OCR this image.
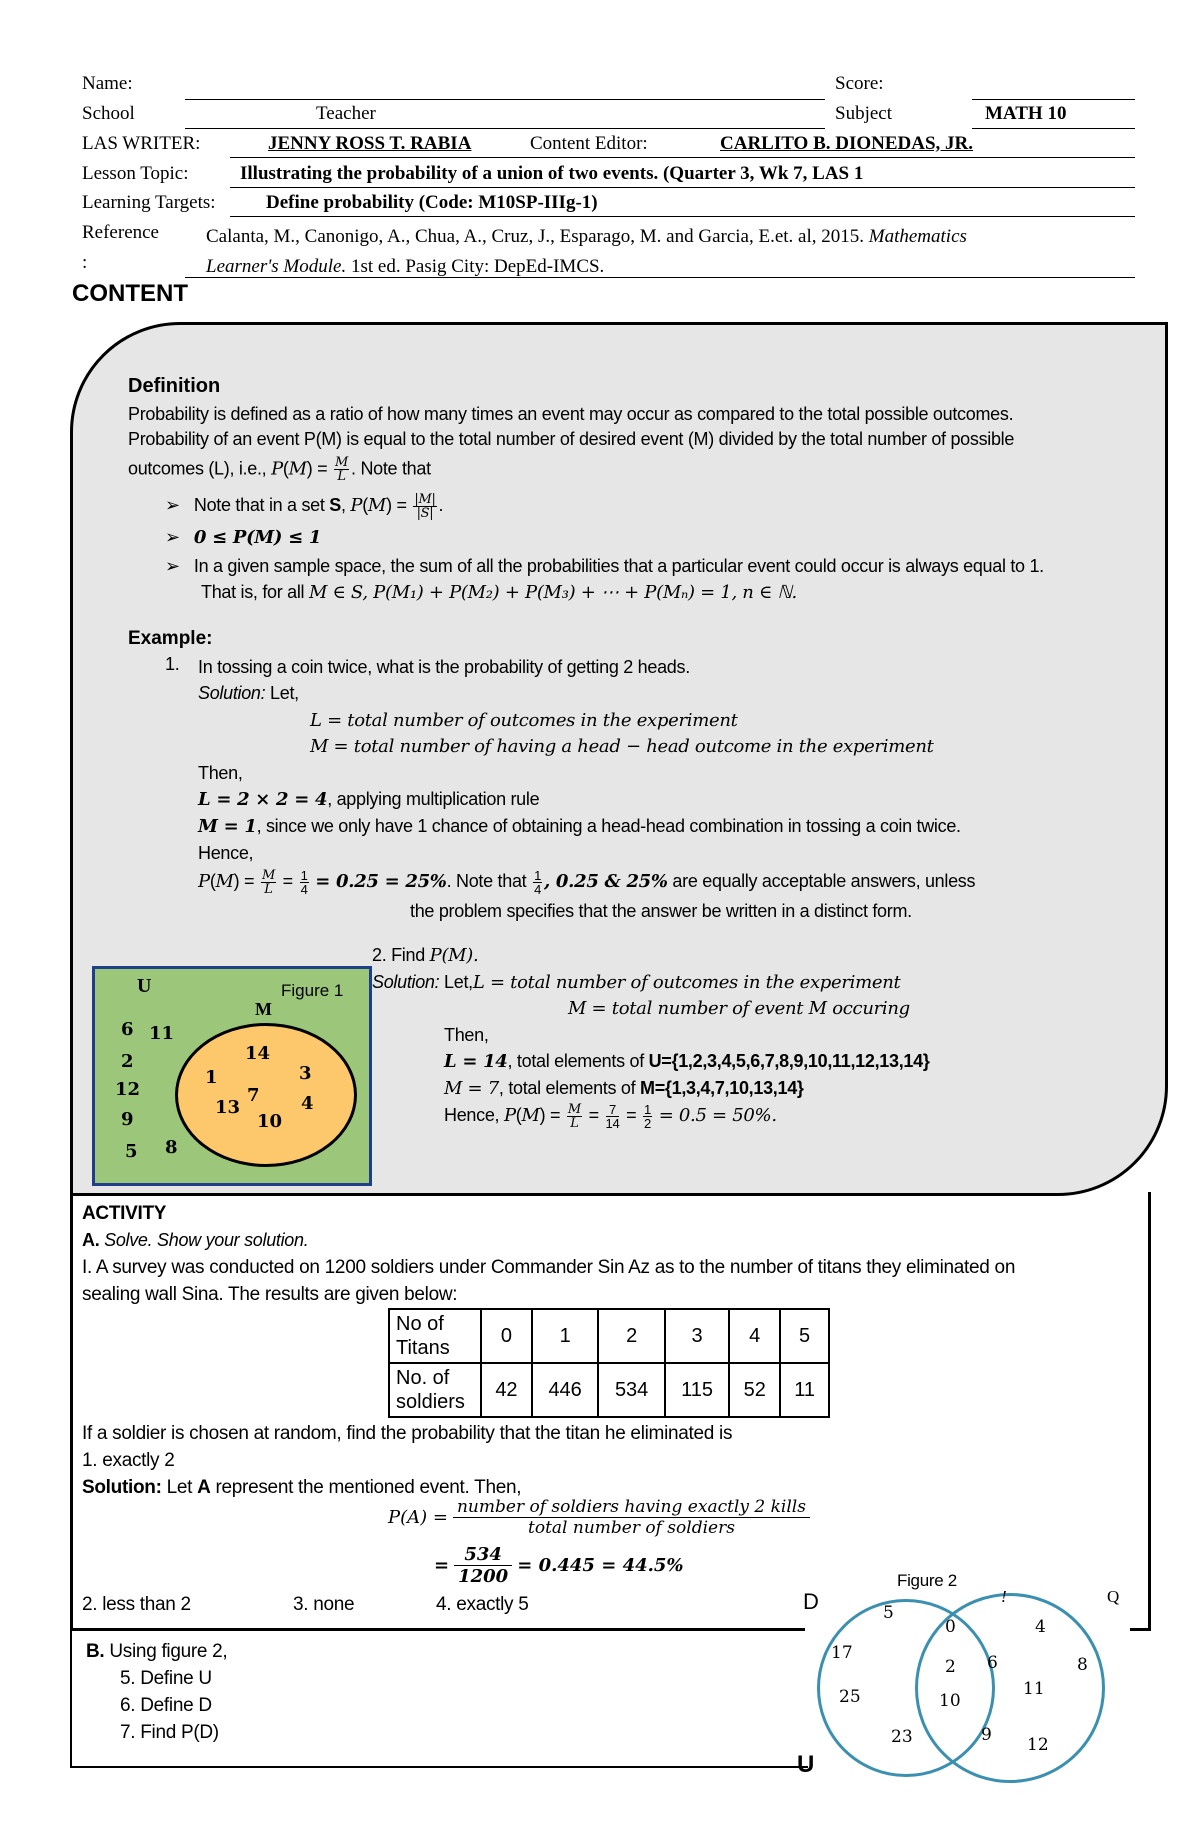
Name:	Score:
School	Teacher	Subject	MATH 10
LAS WRITER:	JENNY ROSS T. RABIA	Content Editor:	CARLITO B. DIONEDAS, JR.
Lesson Topic:	Illustrating the probability of a union of two events. (Quarter 3, Wk 7, LAS 1
Learning Targets:	Define probability (Code: M10SP-IIIg-1)
Reference
:
Calanta, M., Canonigo, A., Chua, A., Cruz, J., Esparago, M. and Garcia, E.et. al, 2015. Mathematics
Learner's Module. 1st ed. Pasig City: DepEd-IMCS.
CONTENT
Definition
Probability is defined as a ratio of how many times an event may occur as compared to the total possible outcomes.
Probability of an event P(M) is equal to the total number of desired event (M) divided by the total number of possible
outcomes (L), i.e., $P(M) = \frac{M}{L}$ . Note that
➢   Note that in a set S, $P(M) = \frac{|M|}{|S|}$ .
➢   0 ≤ P(M) ≤ 1
➢   In a given sample space, the sum of all the probabilities that a particular event could occur is always equal to 1.
That is, for all M ∈ S, P(M₁) + P(M₂) + P(M₃) + ⋯ + P(Mₙ) = 1, n ∈ ℕ.
Example:
1. In tossing a coin twice, what is the probability of getting 2 heads.
Solution: Let,
L = total number of outcomes in the experiment
M = total number of having a head − head outcome in the experiment
Then,
L = 2 × 2 = 4, applying multiplication rule
M = 1, since we only have 1 chance of obtaining a head-head combination in tossing a coin twice.
Hence,
$P(M) = \frac{M}{L} = \frac{1}{4} = 0.25 = 25\%$. Note that $\frac{1}{4}$ , 0.25 & 25% are equally acceptable answers, unless
the problem specifies that the answer be written in a distinct form.
2. Find P(M).
Solution: Let,L = total number of outcomes in the experiment
M = total number of event M occuring
Then,
L = 14, total elements of U={1,2,3,4,5,6,7,8,9,10,11,12,13,14}
M = 7, total elements of M={1,3,4,7,10,13,14}
Hence, $P(M) = \frac{M}{L} = \frac{7}{14} = \frac{1}{2} = 0.5 = 50\%$.
Figure 1
U
M
6 11
2
12
9
5 8
14
1	3
7
13	4
10
ACTIVITY
A. Solve. Show your solution.
I. A survey was conducted on 1200 soldiers under Commander Sin Az as to the number of titans they eliminated on
sealing wall Sina. The results are given below:
No of Titans	0	1	2	3	4	5
No. of soldiers	42	446	534	115	52	11
If a soldier is chosen at random, find the probability that the titan he eliminated is
1. exactly 2
Solution: Let A represent the mentioned event. Then,
P(A) = number of soldiers having exactly 2 kills
total number of soldiers
= $\frac{534}{1200} = 0.445 = 44.5\%$
2. less than 2	3. none	4. exactly 5
B. Using figure 2,
5. Define U
6. Define D
7. Find P(D)
Figure 2
D	Q
!
U
5
17
25
23
0
2
10
4
6	8
11
9 12
